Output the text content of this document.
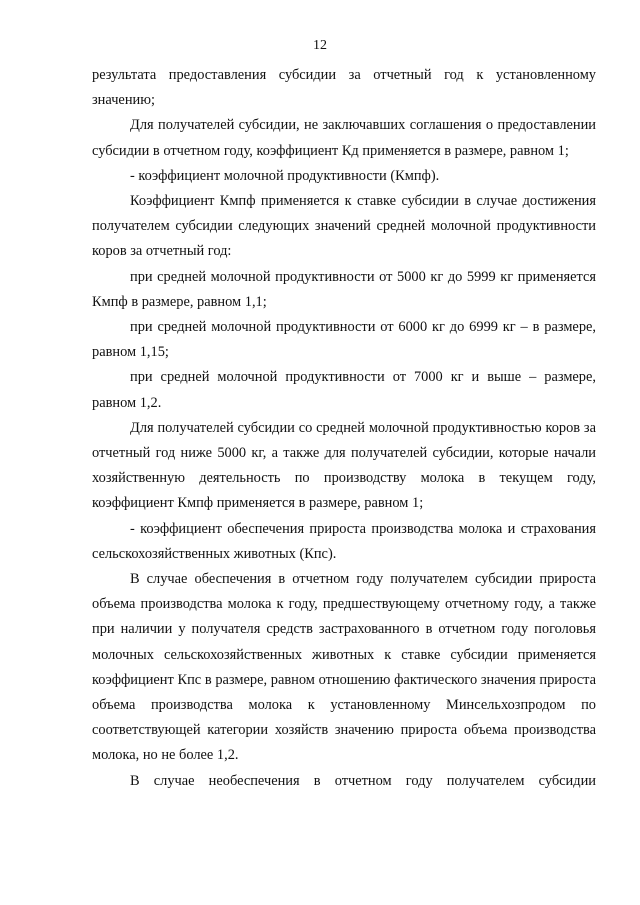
12

результата предоставления субсидии за отчетный год к установленному значению;

Для получателей субсидии, не заключавших соглашения о предоставлении субсидии в отчетном году, коэффициент Кд применяется в размере, равном 1;

- коэффициент молочной продуктивности (Кмпф).

Коэффициент Кмпф применяется к ставке субсидии в случае достижения получателем субсидии следующих значений средней молочной продуктивности коров за отчетный год:

при средней молочной продуктивности от 5000 кг до 5999 кг применяется Кмпф в размере, равном 1,1;

при средней молочной продуктивности от 6000 кг до 6999 кг – в размере, равном 1,15;

при средней молочной продуктивности от 7000 кг и выше – размере, равном 1,2.

Для получателей субсидии со средней молочной продуктивностью коров за отчетный год ниже 5000 кг, а также для получателей субсидии, которые начали хозяйственную деятельность по производству молока в текущем году, коэффициент Кмпф применяется в размере, равном 1;

- коэффициент обеспечения прироста производства молока и страхования сельскохозяйственных животных (Кпс).

В случае обеспечения в отчетном году получателем субсидии прироста объема производства молока к году, предшествующему отчетному году, а также при наличии у получателя средств застрахованного в отчетном году поголовья молочных сельскохозяйственных животных к ставке субсидии применяется коэффициент Кпс в размере, равном отношению фактического значения прироста объема производства молока к установленному Минсельхозпродом по соответствующей категории хозяйств значению прироста объема производства молока, но не более 1,2.

В случае необеспечения в отчетном году получателем субсидии
